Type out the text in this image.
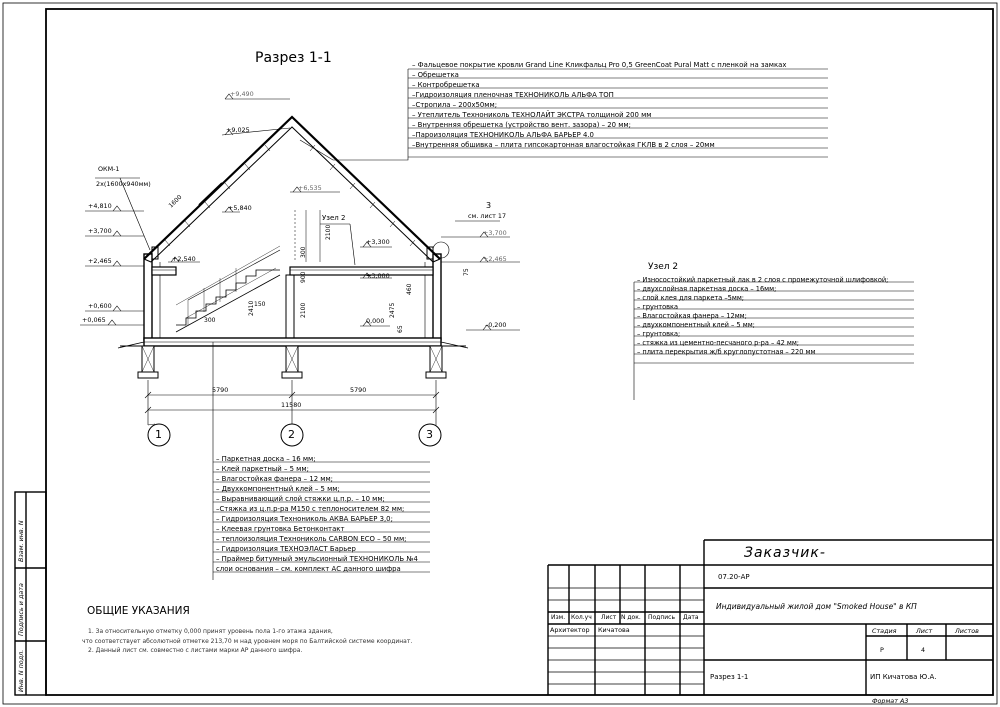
Взам. инв. N
Подпись и дата
Инв. N подл.
1600
2100
300
900
2100
2410 150	2475
460
65
75
300
Разрез 1-1	– Фальцевое покрытие кровли Grand Line Кликфальц Pro 0,5 GreenCoat Pural Matt с пленкой на замках
– Обрешетка
– Контробрешетка
–Гидроизоляция пленочная ТЕХНОНИКОЛЬ АЛЬФА ТОП
–Стропила – 200х50мм;
– Утеплитель Технониколь ТЕХНОЛАЙТ ЭКСТРА толщиной 200 мм
– Внутренняя обрешетка (устройство вент. зазора) – 20 мм;
–Пароизоляция ТЕХНОНИКОЛЬ АЛЬФА БАРЬЕР 4.0
–Внутренняя обшивка – плита гипсокартонная влагостойкая ГКЛВ в 2 слоя – 20мм
Узел 2
– Износостойкий паркетный лак в 2 слоя с промежуточной шлифовкой;
– двухслойная паркетная доска – 16мм;
– слой клея для паркета –5мм;
– грунтовка
– Влагостойкая фанера – 12мм;
– двухкомпонентный клей – 5 мм;
– грунтовка;
– стяжка из цементно-песчаного р-ра – 42 мм;
– плита перекрытия ж/б круглопустотная – 220 мм
– Паркетная доска – 16 мм;
– Клей паркетный – 5 мм;
– Влагостойкая фанера – 12 мм;
– Двухкомпонентный клей – 5 мм;
– Выравнивающий слой стяжки ц.п.р. – 10 мм;
–Стяжка из ц.п.р-ра М150 с теплоносителем 82 мм;
– Гидроизоляция Технониколь АКВА БАРЬЕР 3,0;
– Клеевая грунтовка Бетонконтакт
– теплоизоляция Технониколь CARBON ECO – 50 мм;
– Гидроизоляция ТЕХНОЭЛАСТ Барьер
– Праймер битумный эмульсионный ТЕХНОНИКОЛЬ №4
слои основания – см. комплект АС данного шифра
+9,490
+9,025
+6,535
+5,840
+4,810
+3,700	+3,700
+3,300
+3,000
+2,540
+2,465	+2,465
+0,600
+0,065	0,000	–0,200
ОКМ-1
2х(1600х940мм)
Узел 2
3
см. лист 17
5790	5790
11580
1	2	3
ОБЩИЕ УКАЗАНИЯ
1. За относительную отметку 0,000 принят уровень пола 1-го этажа здания,
что соответствует абсолютной отметке 213,70 м над уровнем моря по Балтийской системе координат.
2. Данный лист см. совместно с листами марки АР данного шифра.
Заказчик-
07.20-АР
Индивидуальный жилой дом "Smoked House" в КП
Изм. Кол.уч Лист N док. Подпись Дата
Архитектор Кичатова	Стадия	Лист	Листов
Р	4
Разрез 1-1	ИП Кичатова Ю.А.
Формат А3
